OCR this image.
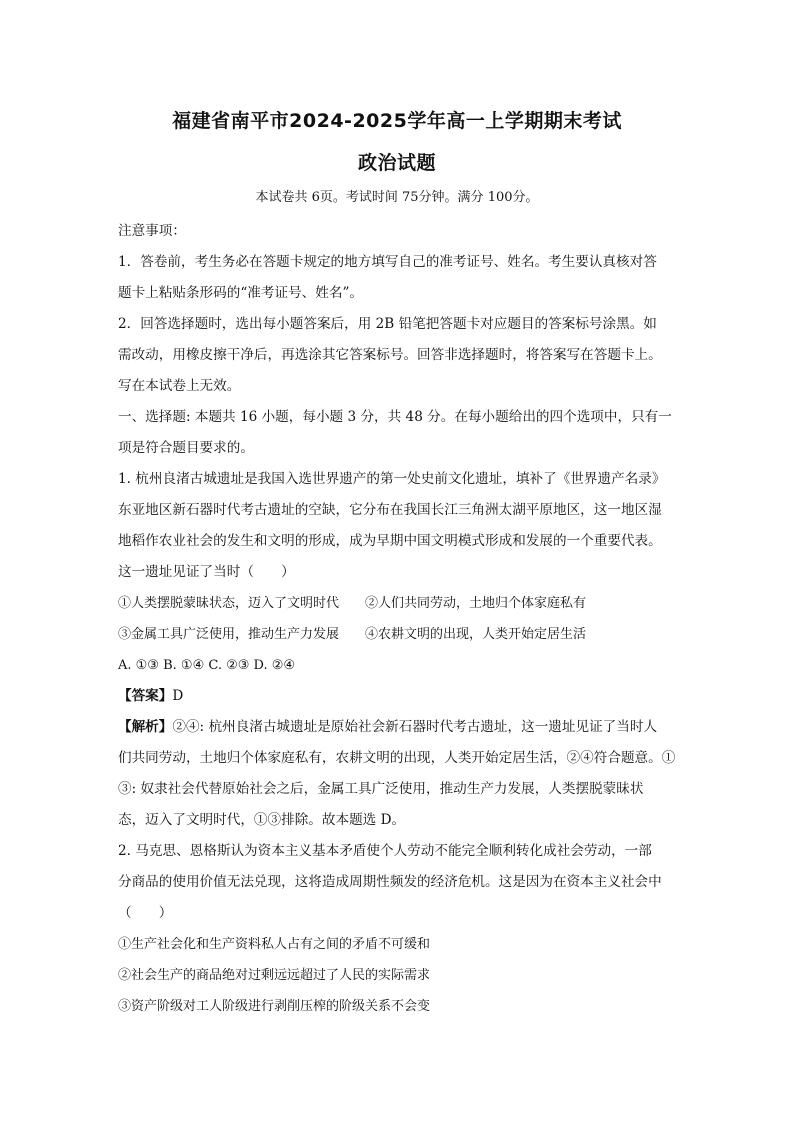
福建省南平市2024-2025学年高一上学期期末考试
政治试题
本试卷共 6页。考试时间 75分钟。满分 100分。
注意事项：
1．答卷前，考生务必在答题卡规定的地方填写自己的准考证号、姓名。考生要认真核对答
题卡上粘贴条形码的“准考证号、姓名”。
2．回答选择题时，选出每小题答案后，用 2B 铅笔把答题卡对应题目的答案标号涂黑。如
需改动，用橡皮擦干净后，再选涂其它答案标号。回答非选择题时，将答案写在答题卡上。
写在本试卷上无效。
一、选择题: 本题共 16 小题，每小题 3 分，共 48 分。在每小题给出的四个选项中，只有一
项是符合题目要求的。
1. 杭州良渚古城遗址是我国入选世界遗产的第一处史前文化遗址，填补了《世界遗产名录》
东亚地区新石器时代考古遗址的空缺，它分布在我国长江三角洲太湖平原地区，这一地区湿
地稻作农业社会的发生和文明的形成，成为早期中国文明模式形成和发展的一个重要代表。
这一遗址见证了当时（　　）
①人类摆脱蒙昧状态，迈入了文明时代 ②人们共同劳动，土地归个体家庭私有
③金属工具广泛使用，推动生产力发展 ④农耕文明的出现，人类开始定居生活
A. ①③ B. ①④ C. ②③ D. ②④
【答案】D
【解析】②④: 杭州良渚古城遗址是原始社会新石器时代考古遗址，这一遗址见证了当时人
们共同劳动，土地归个体家庭私有，农耕文明的出现，人类开始定居生活，②④符合题意。①
③: 奴隶社会代替原始社会之后，金属工具广泛使用，推动生产力发展，人类摆脱蒙昧状
态，迈入了文明时代，①③排除。故本题选 D。
2. 马克思、恩格斯认为资本主义基本矛盾使个人劳动不能完全顺利转化成社会劳动，一部
分商品的使用价值无法兑现，这将造成周期性频发的经济危机。这是因为在资本主义社会中
（　　）
①生产社会化和生产资料私人占有之间的矛盾不可缓和
②社会生产的商品绝对过剩远远超过了人民的实际需求
③资产阶级对工人阶级进行剥削压榨的阶级关系不会变
